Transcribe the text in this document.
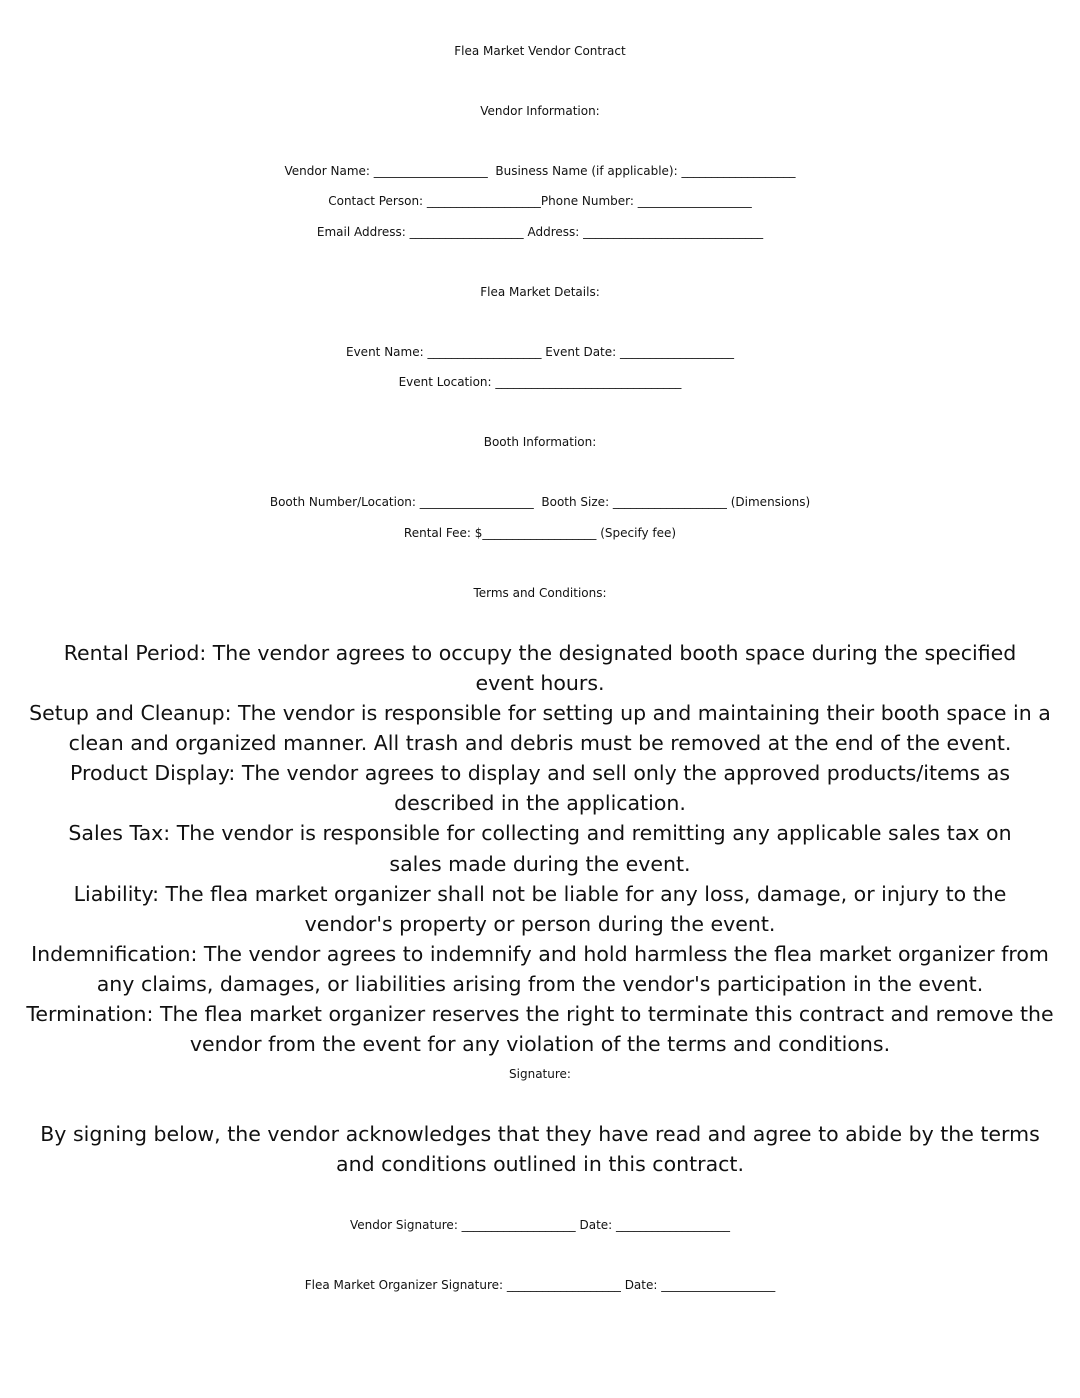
Flea Market Vendor Contract

Vendor Information:

Vendor Name: ___________________  Business Name (if applicable): ___________________

Contact Person: ___________________Phone Number: ___________________

Email Address: ___________________ Address: ______________________________

Flea Market Details:

Event Name: ___________________ Event Date: ___________________

Event Location: _______________________________

Booth Information:

Booth Number/Location: ___________________  Booth Size: ___________________ (Dimensions)

Rental Fee: $___________________ (Specify fee)

Terms and Conditions:

Rental Period: The vendor agrees to occupy the designated booth space during the specified event hours.

Setup and Cleanup: The vendor is responsible for setting up and maintaining their booth space in a clean and organized manner. All trash and debris must be removed at the end of the event.

Product Display: The vendor agrees to display and sell only the approved products/items as described in the application.

Sales Tax: The vendor is responsible for collecting and remitting any applicable sales tax on sales made during the event.

Liability: The flea market organizer shall not be liable for any loss, damage, or injury to the vendor's property or person during the event.

Indemnification: The vendor agrees to indemnify and hold harmless the flea market organizer from any claims, damages, or liabilities arising from the vendor's participation in the event.

Termination: The flea market organizer reserves the right to terminate this contract and remove the vendor from the event for any violation of the terms and conditions.

Signature:

By signing below, the vendor acknowledges that they have read and agree to abide by the terms and conditions outlined in this contract.

Vendor Signature: ___________________ Date: ___________________

Flea Market Organizer Signature: ___________________ Date: ___________________
